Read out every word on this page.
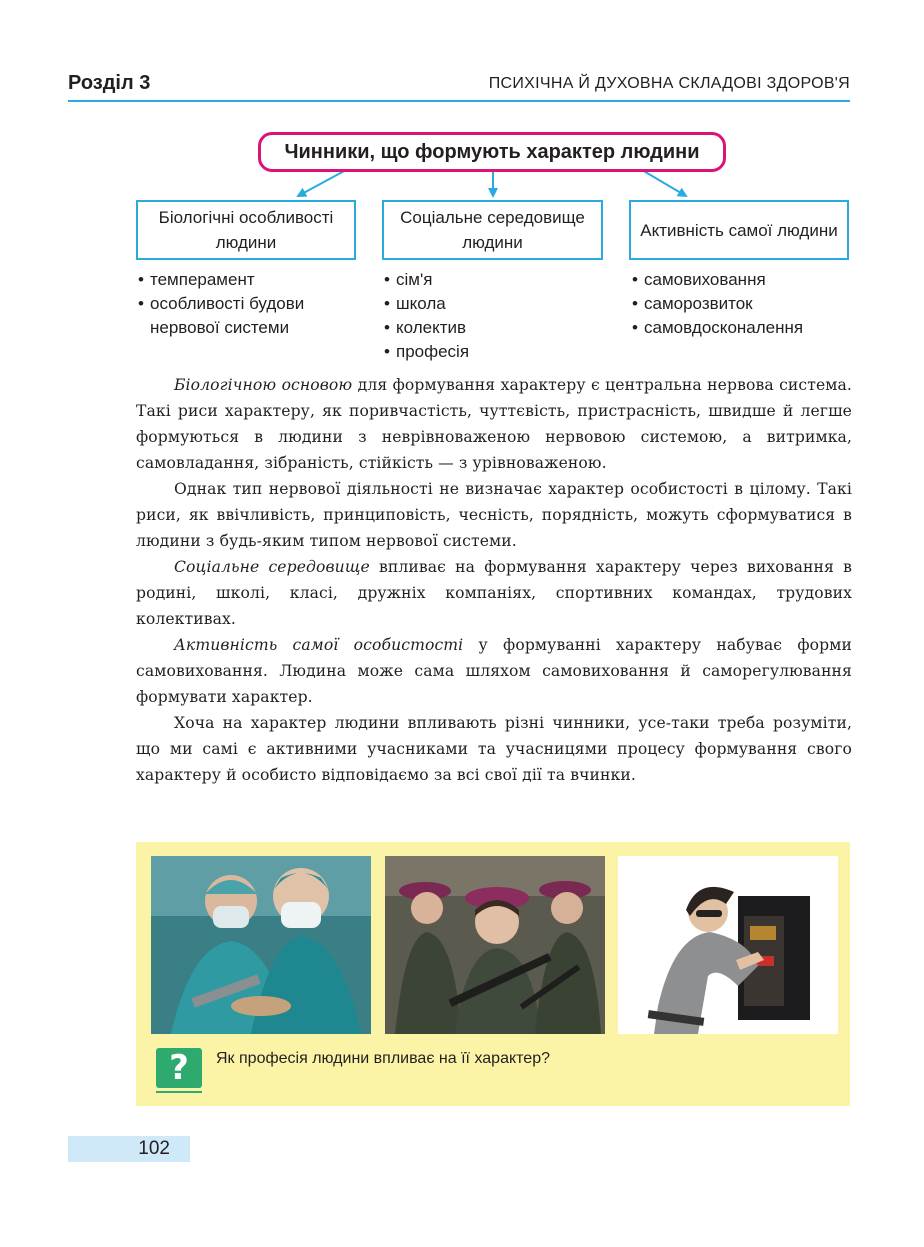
Розділ 3	ПСИХІЧНА Й ДУХОВНА СКЛАДОВІ ЗДОРОВ'Я
Чинники, що формують характер людини
Біологічні особливості людини
Соціальне середовище людини
Активність самої людини
• темперамент
• особливості будови нервової системи
• сім'я
• школа
• колектив
• професія
• самовиховання
• саморозвиток
• самовдосконалення

Біологічною основою для формування характеру є центральна нервова система. Такі риси характеру, як поривчастість, чуттєвість, пристрасність, швидше й легше формуються в людини з неврівноваженою нервовою системою, а витримка, самовладання, зібраність, стійкість — з урівноваженою.

Однак тип нервової діяльності не визначає характер особистості в цілому. Такі риси, як ввічливість, принциповість, чесність, порядність, можуть сформуватися в людини з будь-яким типом нервової системи.

Соціальне середовище впливає на формування характеру через виховання в родині, школі, класі, дружніх компаніях, спортивних командах, трудових колективах.

Активність самої особистості у формуванні характеру набуває форми самовиховання. Людина може сама шляхом самовиховання й саморегулювання формувати характер.

Хоча на характер людини впливають різні чинники, усе-таки треба розуміти, що ми самі є активними учасниками та учасницями процесу формування свого характеру й особисто відповідаємо за всі свої дії та вчинки.

?	Як професія людини впливає на її характер?
102
